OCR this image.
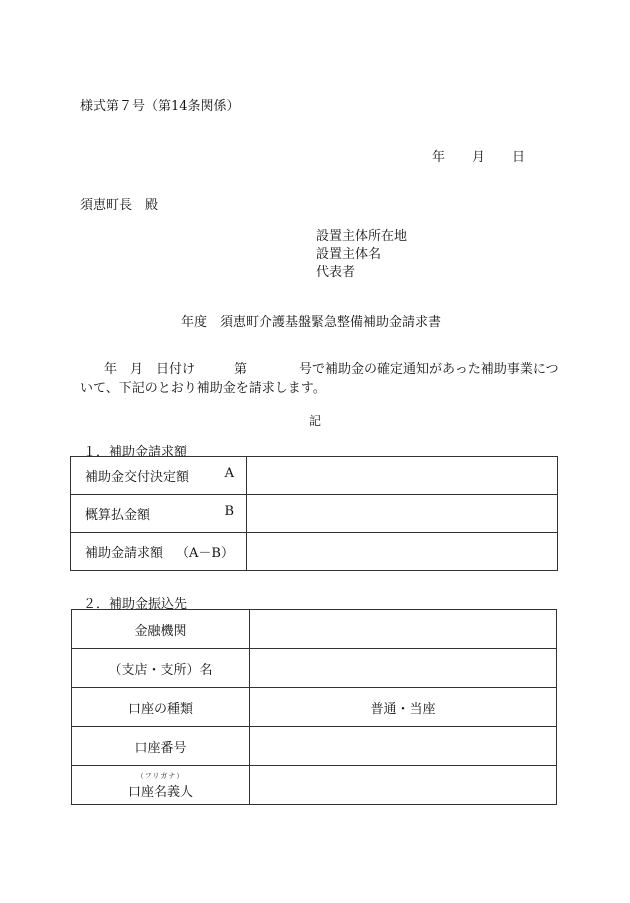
様式第７号（第14条関係）
年 月 日
須恵町長　殿
設置主体所在地
設置主体名
代表者
年度　須恵町介護基盤緊急整備補助金請求書
年　月　日付け　　　第　　　　号で補助金の確定通知があった補助事業について、下記のとおり補助金を請求します。
記
１．補助金請求額
補助金交付決定額 A	

概算払金額 B	

補助金請求額 （A－B）	

２．補助金振込先
金融機関	
（支店・支所）名	
口座の種類	普通・当座
口座番号	

（フリガナ）
口座名義人	
